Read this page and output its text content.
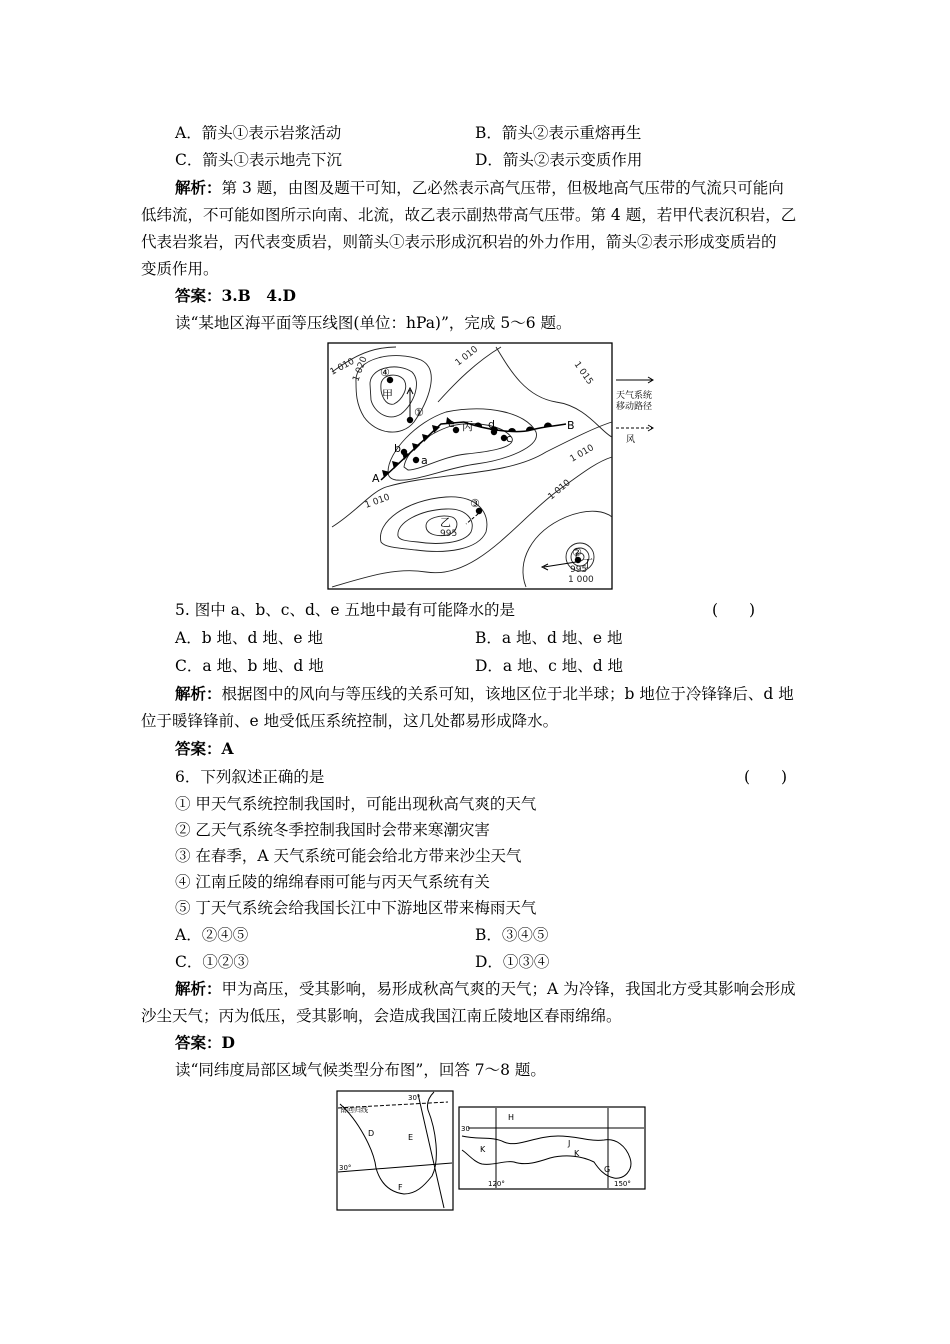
A．箭头①表示岩浆活动	B．箭头②表示重熔再生
C．箭头①表示地壳下沉	D．箭头②表示变质作用
解析：第 3 题，由图及题干可知，乙必然表示高气压带，但极地高气压带的气流只可能向
低纬流，不可能如图所示向南、北流，故乙表示副热带高气压带。第 4 题，若甲代表沉积岩，乙
代表岩浆岩，丙代表变质岩，则箭头①表示形成沉积岩的外力作用，箭头②表示形成变质岩的
变质作用。
答案：3.B　4.D
读“某地区海平面等压线图(单位：hPa)”，完成 5～6 题。
1 010
1 020	1 010
1 015
1 010
1 010
1 010
995
995
1 000
甲
④
①
丙
乙
③
②
丁
a
b
c
d
e
A
B
天气系统
移动路径
风
5. 图中 a、b、c、d、e 五地中最有可能降水的是	(　　)
A．b 地、d 地、e 地	B．a 地、d 地、e 地
C．a 地、b 地、d 地	D．a 地、c 地、d 地
解析：根据图中的风向与等压线的关系可知，该地区位于北半球；b 地位于冷锋锋后、d 地
位于暖锋锋前、e 地受低压系统控制，这几处都易形成降水。
答案：A
6．下列叙述正确的是	(　　)
① 甲天气系统控制我国时，可能出现秋高气爽的天气
② 乙天气系统冬季控制我国时会带来寒潮灾害
③ 在春季，A 天气系统可能会给北方带来沙尘天气
④ 江南丘陵的绵绵春雨可能与丙天气系统有关
⑤ 丁天气系统会给我国长江中下游地区带来梅雨天气
A．②④⑤	B．③④⑤
C．①②③	D．①③④
解析：甲为高压，受其影响，易形成秋高气爽的天气；A 为冷锋，我国北方受其影响会形成
沙尘天气；丙为低压，受其影响，会造成我国江南丘陵地区春雨绵绵。
答案：D
读“同纬度局部区域气候类型分布图”，回答 7～8 题。
南回归线
30°
30°
D	E
F
30
120°	150°
H
J
K	K
G
